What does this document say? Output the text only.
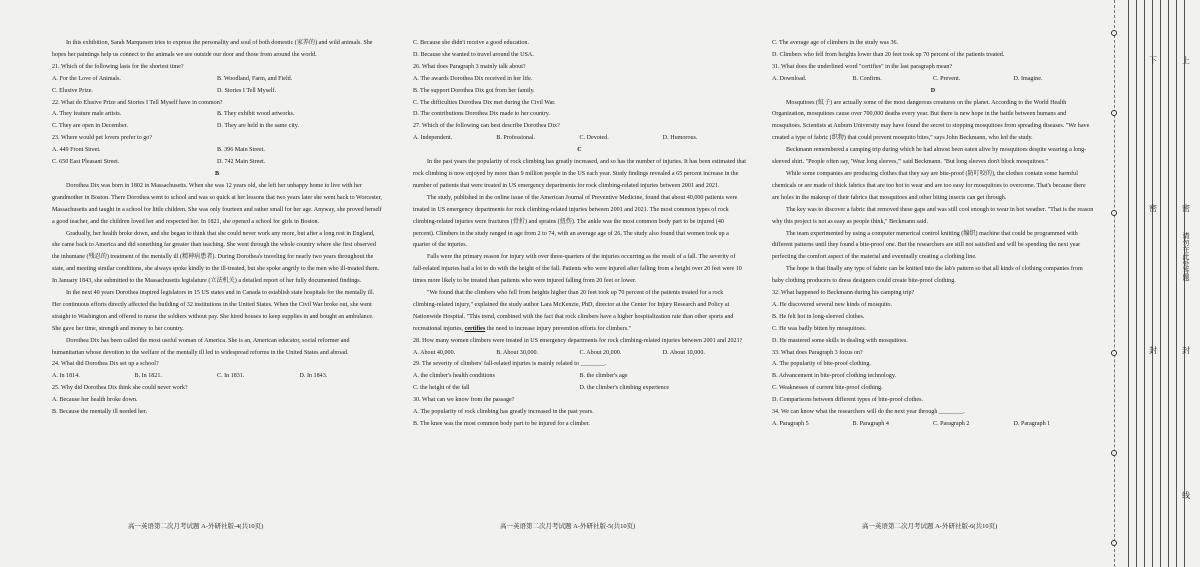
In this exhibition, Sarah Marquesen tries to express the personality and soul of both domestic (家养的) and wild animals. She hopes her paintings help us connect to the animals we see outside our door and those from around the world.

21. Which of the following lasts for the shortest time?

A. For the Love of Animals.	B. Woodland, Farm, and Field.
C. Elusive Prize.	D. Stories I Tell Myself.

22. What do Elusive Prize and Stories I Tell Myself have in common?

A. They feature male artists.	B. They exhibit wood artworks.
C. They are open in December.	D. They are held in the same city.

23. Where would pet lovers prefer to go?

A. 449 Front Street.	B. 396 Main Street.
C. 650 East Pleasant Street.	D. 742 Main Street.

B

Dorothea Dix was born in 1802 in Massachusetts. When she was 12 years old, she left her unhappy home to live with her grandmother in Boston. There Dorothea went to school and was so quick at her lessons that two years later she went back to Worcester, Massachusetts and taught in a school for little children. She was only fourteen and rather small for her age. Anyway, she proved herself a good teacher, and the children loved her and respected her. In 1821, she opened a school for girls in Boston.

Gradually, her health broke down, and she began to think that she could never work any more, but after a long rest in England, she came back to America and did something far greater than teaching. She went through the whole country where she first observed the inhumane (残忍的) treatment of the mentally ill (精神病患者). During Dorothea's traveling for nearly two years throughout the state, and meeting similar conditions, she always spoke kindly to the ill-treated, but she spoke angrily to the men who ill-treated them. In January 1843, she submitted to the Massachusetts legislature (立法机关) a detailed report of her fully documented findings.

In the next 40 years Dorothea inspired legislators in 15 US states and in Canada to establish state hospitals for the mentally ill. Her continuous efforts directly affected the building of 32 institutions in the United States. When the Civil War broke out, she went straight to Washington and offered to nurse the soldiers without pay. She hired houses to keep supplies in and bought an ambulance. She gave her time, strength and money to her country.

Dorothea Dix has been called the most useful woman of America. She is an, American educator, social reformer and humanitarian whose devotion to the welfare of the mentally ill led to widespread reforms in the United States and abroad.

24. What did Dorothea Dix set up a school?

A. In 1814.	B. In 1821.	C. In 1831.	D. In 1843.

25. Why did Dorothea Dix think she could never work?

A. Because her health broke down.

B. Because the mentally ill needed her.

高一英语第二次月考试题 A-外研社版-4(共10页)

C. Because she didn't receive a good education.

D. Because she wanted to travel around the USA.

26. What does Paragraph 3 mainly talk about?

A. The awards Dorothea Dix received in her life.

B. The support Dorothea Dix got from her family.

C. The difficulties Dorothea Dix met during the Civil War.

D. The contributions Dorothea Dix made to her country.

27. Which of the following can best describe Dorothea Dix?

A. Independent.	B. Professional.	C. Devoted.	D. Humorous.

C

In the past years the popularity of rock climbing has greatly increased, and so has the number of injuries. It has been estimated that rock climbing is now enjoyed by more than 9 million people in the US each year. Study findings revealed a 65 percent increase in the number of patients that were treated in US emergency departments for rock climbing-related injuries between 2001 and 2021.

The study, published in the online issue of the American Journal of Preventive Medicine, found that about 40,000 patients were treated in US emergency departments for rock climbing-related injuries between 2001 and 2021. The most common types of rock climbing-related injuries were fractures (骨折) and sprains (扭伤). The ankle was the most common body part to be injured (40 percent). Climbers in the study ranged in age from 2 to 74, with an average age of 26. The study also found that women took up a quarter of the injuries.

Falls were the primary reason for injury with over three-quarters of the injuries occurring as the result of a fall. The severity of fall-related injuries had a lot to do with the height of the fall. Patients who were injured after falling from a height over 20 feet were 10 times more likely to be treated than patients who were injured falling from 20 feet or lower.

"We found that the climbers who fell from heights higher than 20 feet took up 70 percent of the patients treated for a rock climbing-related injury," explained the study author Lara McKenzie, PhD, director at the Center for Injury Research and Policy at Nationwide Hospital. "This trend, combined with the fact that rock climbers have a higher hospitalization rate than other sports and recreational injuries, certifies the need to increase injury prevention efforts for climbers."

28. How many women climbers were treated in US emergency departments for rock climbing-related injuries between 2001 and 2021?

A. About 40,000.	B. About 30,000.	C. About 20,000.	D. About 10,000.

29. The severity of climbers' fall-related injuries is mainly related to ________.

A. the climber's health conditions	B. the climber's age
C. the height of the fall	D. the climber's climbing experience

30. What can we know from the passage?

A. The popularity of rock climbing has greatly increased in the past years.

B. The knee was the most common body part to be injured for a climber.

高一英语第二次月考试题 A-外研社版-5(共10页)

C. The average age of climbers in the study was 36.

D. Climbers who fell from heights lower than 20 feet took up 70 percent of the patients treated.

31. What does the underlined word "certifies" in the last paragraph mean?

A. Download.	B. Confirm.	C. Prevent.	D. Imagine.

D

Mosquitoes (蚊子) are actually some of the most dangerous creatures on the planet. According to the World Health Organization, mosquitoes cause over 700,000 deaths every year. But there is new hope in the battle between humans and mosquitoes. Scientists at Auburn University may have found the secret to stopping mosquitoes from spreading diseases. "We have created a type of fabric (织物) that could prevent mosquito bites," says John Beckmann, who led the study.

Beckmann remembered a camping trip during which he had almost been eaten alive by mosquitoes despite wearing a long-sleeved shirt. "People often say, 'Wear long sleeves,'" said Beckmann. "But long sleeves don't block mosquitoes."

While some companies are producing clothes that they say are bite-proof (防叮咬的), the clothes contain some harmful chemicals or are made of thick fabrics that are too hot to wear and are too easy for mosquitoes to overcome. That's because there are holes in the makeup of their fabrics that mosquitoes and other biting insects can get through.

The key was to discover a fabric that removed these gaps and was still cool enough to wear in hot weather. "That is the reason why this project is not as easy as people think," Beckmann said.

The team experimented by using a computer numerical control knitting (编织) machine that could be programmed with different patterns until they found a bite-proof one. But the researchers are still not satisfied and will be spending the next year perfecting the comfort aspect of the material and eventually creating a clothing line.

The hope is that finally any type of fabric can be knitted into the lab's pattern so that all kinds of clothing companies from baby clothing producers to dress designers could create bite-proof clothing.

32. What happened to Beckmann during his camping trip?

A. He discovered several new kinds of mosquito.

B. He felt hot in long-sleeved clothes.

C. He was badly bitten by mosquitoes.

D. He mastered some skills in dealing with mosquitoes.

33. What does Paragraph 3 focus on?

A. The popularity of bite-proof clothing.

B. Advancement in bite-proof clothing technology.

C. Weaknesses of current bite-proof clothing.

D. Comparisons between different types of bite-proof clothes.

34. We can know what the researchers will do the next year through ________.

A. Paragraph 5	B. Paragraph 4	C. Paragraph 2	D. Paragraph 1
高一英语第二次月考试题 A-外研社版-6(共10页)
下	上
密	密
请勿在此处答题
封	封
线
